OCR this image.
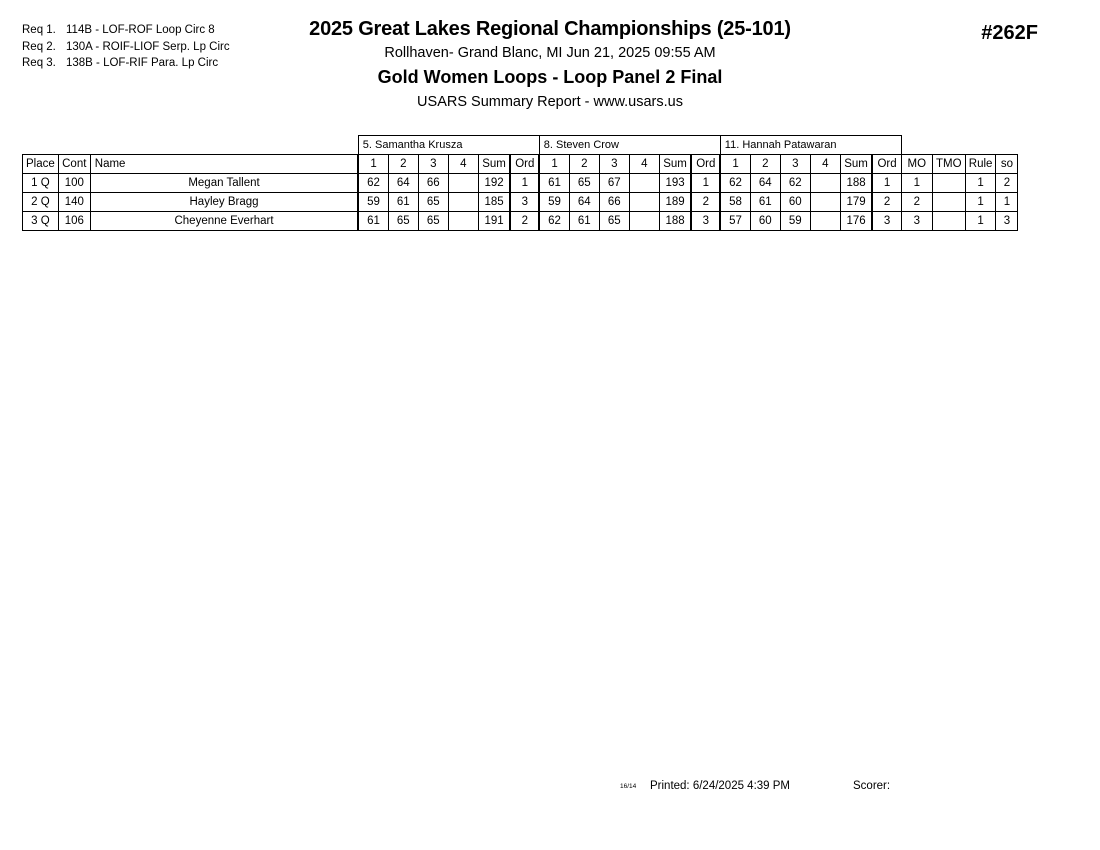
Req 1. 114B - LOF-ROF Loop Circ 8
Req 2. 130A - ROIF-LIOF Serp. Lp Circ
Req 3. 138B - LOF-RIF Para. Lp Circ
2025 Great Lakes Regional Championships (25-101)
Rollhaven- Grand Blanc, MI Jun 21, 2025 09:55 AM
Gold Women Loops - Loop Panel 2 Final
USARS Summary Report - www.usars.us
#262F
			5. Samantha Krusza						8. Steven Crow						11. Hannah Patawaran									
Place	Cont	Name	1	2	3	4	Sum	Ord	1	2	3	4	Sum	Ord	1	2	3	4	Sum	Ord	MO	TMO	Rule	so
1 Q	100	Megan Tallent	62	64	66		192	1	61	65	67		193	1	62	64	62		188	1	1		1	2
2 Q	140	Hayley Bragg	59	61	65		185	3	59	64	66		189	2	58	61	60		179	2	2		1	1
3 Q	106	Cheyenne Everhart	61	65	65		191	2	62	61	65		188	3	57	60	59		176	3	3		1	3
16/14 Printed: 6/24/2025 4:39 PM	Scorer:
